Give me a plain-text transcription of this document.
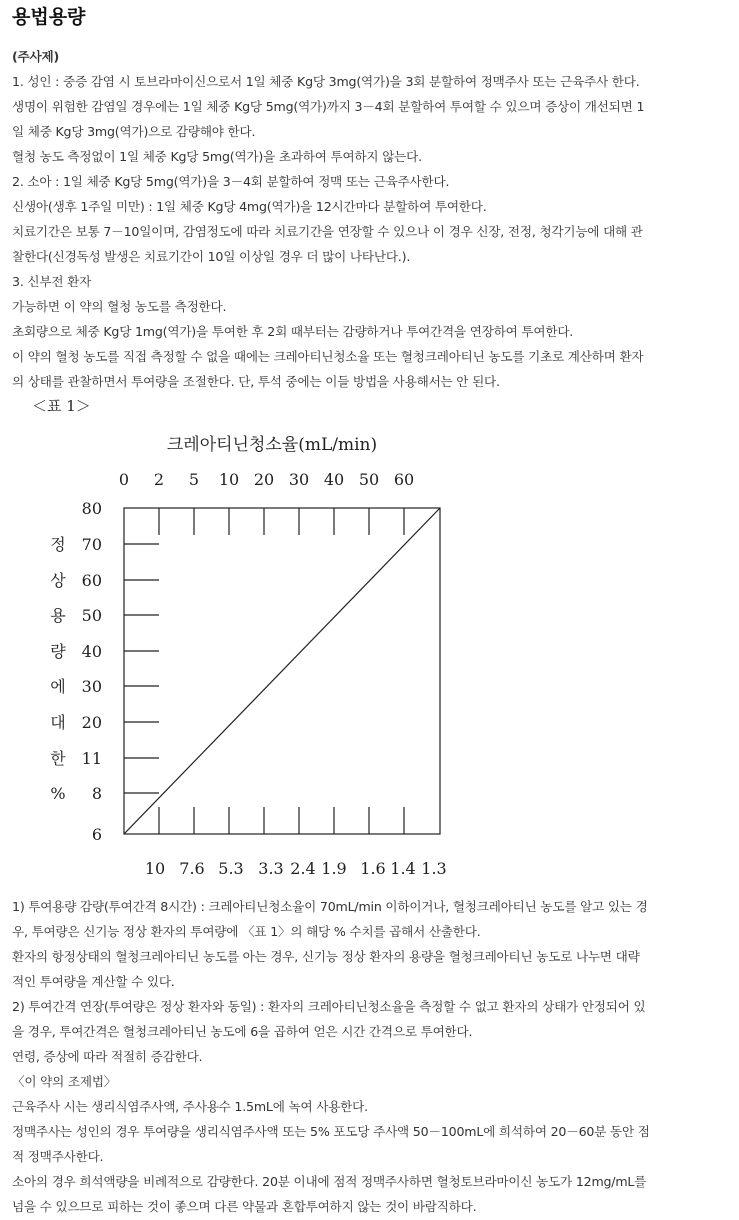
용법용량

(주사제)

1. 성인 : 중증 감염 시 토브라마이신으로서 1일 체중 Kg당 3mg(역가)을 3회 분할하여 정맥주사 또는 근육주사 한다.

생명이 위험한 감염일 경우에는 1일 체중 Kg당 5mg(역가)까지 3－4회 분할하여 투여할 수 있으며 증상이 개선되면 1

일 체중 Kg당 3mg(역가)으로 감량해야 한다.

혈청 농도 측정없이 1일 체중 Kg당 5mg(역가)을 초과하여 투여하지 않는다.

2. 소아 : 1일 체중 Kg당 5mg(역가)을 3－4회 분할하여 정맥 또는 근육주사한다.

신생아(생후 1주일 미만) : 1일 체중 Kg당 4mg(역가)을 12시간마다 분할하여 투여한다.

치료기간은 보통 7－10일이며, 감염정도에 따라 치료기간을 연장할 수 있으나 이 경우 신장, 전정, 청각기능에 대해 관

찰한다(신경독성 발생은 치료기간이 10일 이상일 경우 더 많이 나타난다.).

3. 신부전 환자

가능하면 이 약의 혈청 농도를 측정한다.

초회량으로 체중 Kg당 1mg(역가)을 투여한 후 2회 때부터는 감량하거나 투여간격을 연장하여 투여한다.

이 약의 혈청 농도를 직접 측정할 수 없을 때에는 크레아티닌청소율 또는 혈청크레아티닌 농도를 기초로 계산하며 환자

의 상태를 관찰하면서 투여량을 조절한다. 단, 투석 중에는 이들 방법을 사용해서는 안 된다.

＜표 1＞
크레아티닌청소율(mL/min)
0 2 5 10 20 30 40 50 60
80
70
60
50
40
30
20
11
8
6
정
상
용
량
에
대
한
%
10 7.6 5.3 3.3 2.4 1.9 1.6 1.4 1.3

1) 투여용량 감량(투여간격 8시간) : 크레아티닌청소율이 70mL/min 이하이거나, 혈청크레아티닌 농도를 알고 있는 경

우, 투여량은 신기능 정상 환자의 투여량에 〈표 1〉의 해당 % 수치를 곱해서 산출한다.

환자의 항정상태의 혈청크레아티닌 농도를 아는 경우, 신기능 정상 환자의 용량을 혈청크레아티닌 농도로 나누면 대략

적인 투여량을 계산할 수 있다.

2) 투여간격 연장(투여량은 정상 환자와 동일) : 환자의 크레아티닌청소율을 측정할 수 없고 환자의 상태가 안정되어 있

을 경우, 투여간격은 혈청크레아티닌 농도에 6을 곱하여 얻은 시간 간격으로 투여한다.

연령, 증상에 따라 적절히 증감한다.

〈이 약의 조제법〉

근육주사 시는 생리식염주사액, 주사용수 1.5mL에 녹여 사용한다.

정맥주사는 성인의 경우 투여량을 생리식염주사액 또는 5% 포도당 주사액 50－100mL에 희석하여 20－60분 동안 점

적 정맥주사한다.

소아의 경우 희석액량을 비례적으로 감량한다. 20분 이내에 점적 정맥주사하면 혈청토브라마이신 농도가 12mg/mL를

넘을 수 있으므로 피하는 것이 좋으며 다른 약물과 혼합투여하지 않는 것이 바람직하다.
